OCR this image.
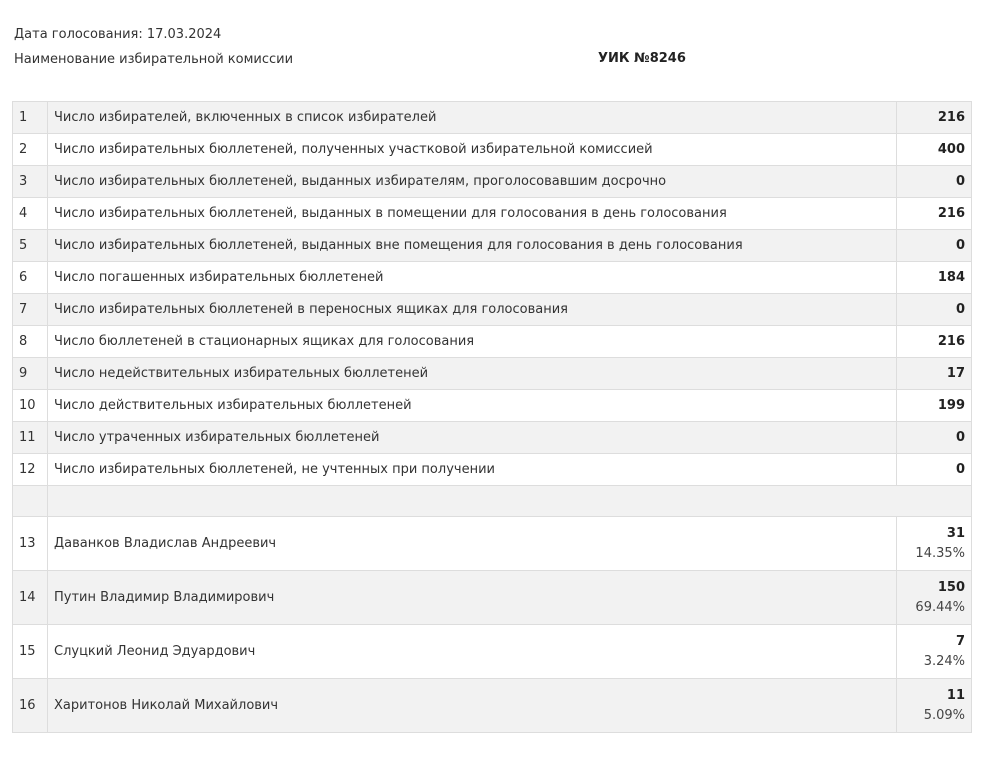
Дата голосования: 17.03.2024
Наименование избирательной комиссии	УИК №8246
1	Число избирателей, включенных в список избирателей	216
2	Число избирательных бюллетеней, полученных участковой избирательной комиссией	400
3	Число избирательных бюллетеней, выданных избирателям, проголосовавшим досрочно	0
4	Число избирательных бюллетеней, выданных в помещении для голосования в день голосования	216
5	Число избирательных бюллетеней, выданных вне помещения для голосования в день голосования	0
6	Число погашенных избирательных бюллетеней	184
7	Число избирательных бюллетеней в переносных ящиках для голосования	0
8	Число бюллетеней в стационарных ящиках для голосования	216
9	Число недействительных избирательных бюллетеней	17
10	Число действительных избирательных бюллетеней	199
11	Число утраченных избирательных бюллетеней	0
12	Число избирательных бюллетеней, не учтенных при получении	0

13	Даванков Владислав Андреевич	31
14.35%

14	Путин Владимир Владимирович	150
69.44%

15	Слуцкий Леонид Эдуардович	7
3.24%

16	Харитонов Николай Михайлович	11
5.09%
